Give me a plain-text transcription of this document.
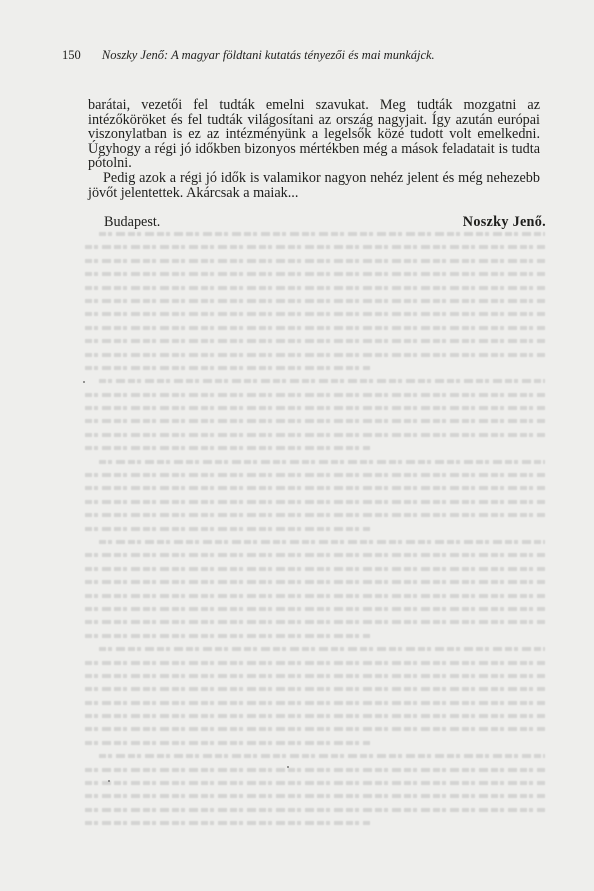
150 Noszky Jenő: A magyar földtani kutatás tényezői és mai munkájck.

barátai, vezetői fel tudták emelni szavukat. Meg tudták mozgatni az intézőköröket és fel tudták világosítani az ország nagyjait. Így azután európai viszonylatban is ez az intézményünk a legelsők közé tudott volt emelkedni. Úgyhogy a régi jó időkben bizonyos mértékben még a mások feladatait is tudta pótolni.

Pedig azok a régi jó idők is valamikor nagyon nehéz jelent és még nehezebb jövőt jelentettek. Akárcsak a maiak...

Budapest.	Noszky Jenő.
